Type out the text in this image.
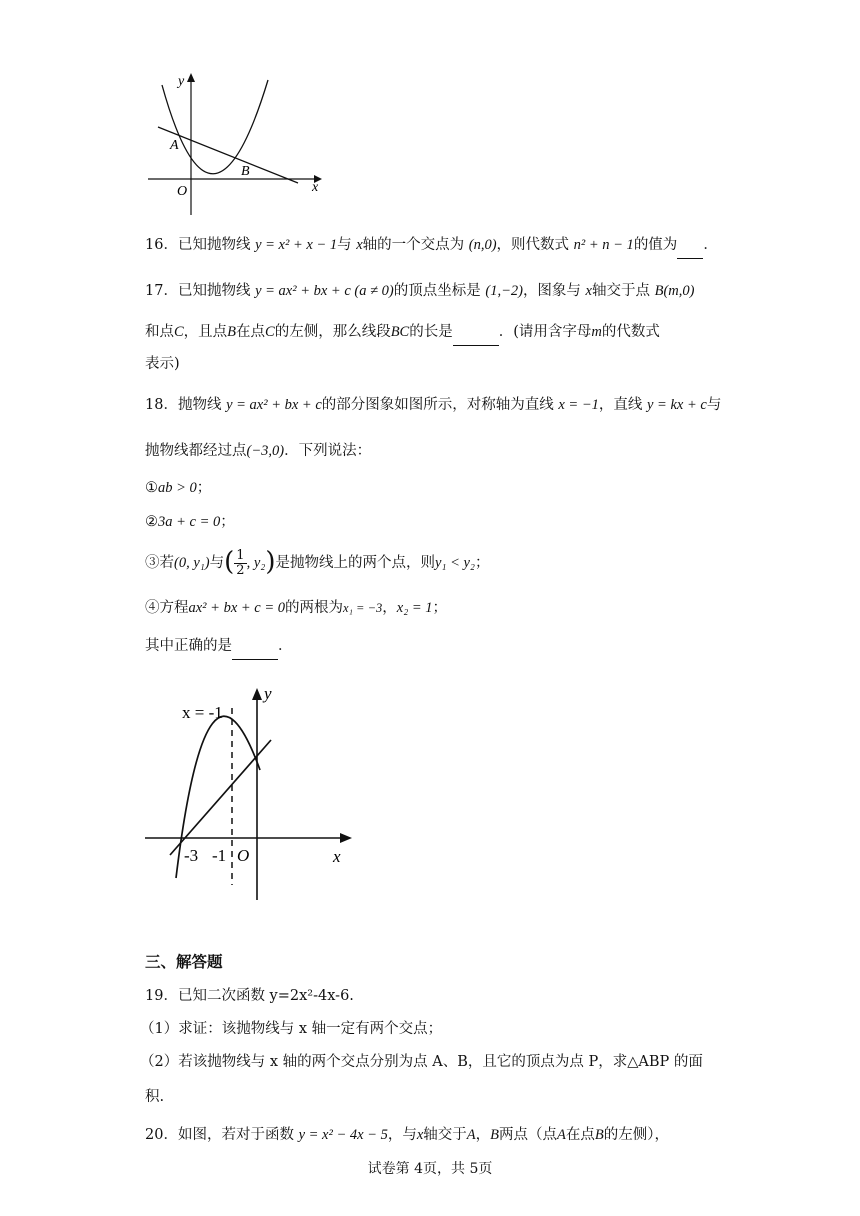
y
x
O
A
B
16．已知抛物线 y = x² + x − 1与 x轴的一个交点为 (n,0)，则代数式 n² + n − 1的值为 ．
17．已知抛物线 y = ax² + bx + c (a ≠ 0)的顶点坐标是 (1,−2)，图象与 x轴交于点 B(m,0)
和点C，且点B在点C的左侧，那么线段BC的长是	．(请用含字母m的代数式
表示)
18．抛物线 y = ax² + bx + c的部分图象如图所示，对称轴为直线 x = −1，直线 y = kx + c与
抛物线都经过点(−3,0)．下列说法：
①ab > 0；
②3a + c = 0；
③若(0, y₁)与( $\frac{1}{2}$ , y₂)是抛物线上的两个点，则y₁ < y₂；
④方程ax² + bx + c = 0的两根为x₁ = −3，x₂ = 1；
其中正确的是	．
x = -1
y
x
-3 -1 O
三、解答题
19．已知二次函数 y=2x²-4x-6.
（1）求证：该抛物线与 x 轴一定有两个交点；
（2）若该抛物线与 x 轴的两个交点分别为点 A、B，且它的顶点为点 P，求△ABP 的面
积.
20．如图，若对于函数 y = x² − 4x − 5，与x轴交于A，B两点（点A在点B的左侧），
试卷第 4页，共 5页
